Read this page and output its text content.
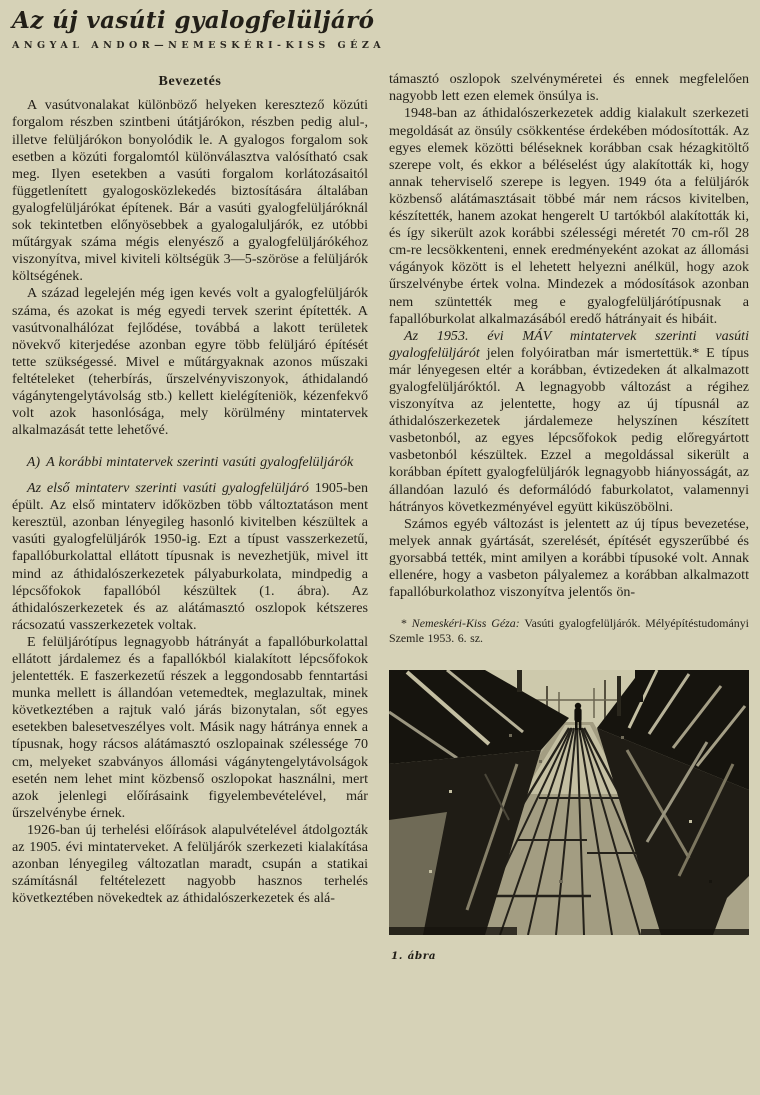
Az új vasúti gyalogfelüljáró
ANGYAL ANDOR—NEMESKÉRI-KISS GÉZA
Bevezetés

A vasútvonalakat különböző helyeken keresztező közúti forgalom részben szintbeni útátjárókon, részben pedig alul-, illetve felüljárókon bonyolódik le. A gyalogos forgalom sok esetben a közúti forgalomtól különválasztva valósítható csak meg. Ilyen esetekben a vasúti forgalom korlátozásaitól függetlenített gyalogosközlekedés biztosítására általában gyalogfelüljárókat építenek. Bár a vasúti gyalogfelüljáróknál sok tekintetben előnyösebbek a gyalogaluljárók, ez utóbbi műtárgyak száma mégis elenyésző a gyalogfelüljárókéhoz viszonyítva, mivel kiviteli költségük 3—5-szöröse a felüljárók költségének.

A század legelején még igen kevés volt a gyalogfelüljárók száma, és azokat is még egyedi tervek szerint építették. A vasútvonalhálózat fejlődése, továbbá a lakott területek növekvő kiterjedése azonban egyre több felüljáró építését tette szükségessé. Mivel e műtárgyaknak azonos műszaki feltételeket (teherbírás, űrszelvényviszonyok, áthidalandó vágánytengelytávolság stb.) kellett kielégíteniök, kézenfekvő volt azok hasonlósága, mely körülmény mintatervek alkalmazását tette lehetővé.

A) A korábbi mintatervek szerinti vasúti gyalogfelüljárók

Az első mintaterv szerinti vasúti gyalogfelüljáró 1905-ben épült. Az első mintaterv időközben több változtatáson ment keresztül, azonban lényegileg hasonló kivitelben készültek a vasúti gyalogfelüljárók 1950-ig. Ezt a típust vasszerkezetű, fapallóburkolattal ellátott típusnak is nevezhetjük, mivel itt mind az áthidalószerkezetek pályaburkolata, mindpedig a lépcsőfokok fapallóból készültek (1. ábra). Az áthidalószerkezetek és az alátámasztó oszlopok kétszeres rácsozatú vasszerkezetek voltak.

E felüljárótípus legnagyobb hátrányát a fapallóburkolattal ellátott járdalemez és a fapallókból kialakított lépcsőfokok jelentették. E faszerkezetű részek a leggondosabb fenntartási munka mellett is állandóan vetemedtek, meglazultak, minek következtében a rajtuk való járás bizonytalan, sőt egyes esetekben balesetveszélyes volt. Másik nagy hátránya ennek a típusnak, hogy rácsos alátámasztó oszlopainak szélessége 70 cm, melyeket szabványos állomási vágánytengelytávolságok esetén nem lehet mint közbenső oszlopokat használni, mert azok jelenlegi előírásaink figyelembevételével, már űrszelvénybe érnek.

1926-ban új terhelési előírások alapulvételével átdolgozták az 1905. évi mintaterveket. A felüljárók szerkezeti kialakítása azonban lényegileg változatlan maradt, csupán a statikai számításnál feltételezett nagyobb hasznos terhelés következtében növekedtek az áthidalószerkezetek és alá-

támasztó oszlopok szelvényméretei és ennek megfelelően nagyobb lett ezen elemek önsúlya is.

1948-ban az áthidalószerkezetek addig kialakult szerkezeti megoldását az önsúly csökkentése érdekében módosították. Az egyes elemek közötti béléseknek korábban csak hézagkitöltő szerepe volt, és ekkor a béléselést úgy alakították ki, hogy annak teherviselő szerepe is legyen. 1949 óta a felüljárók közbenső alátámasztásait többé már nem rácsos kivitelben, készítették, hanem azokat hengerelt U tartókból alakították ki, és így sikerült azok korábbi szélességi méretét 70 cm-ről 28 cm-re lecsökkenteni, ennek eredményeként azokat az állomási vágányok között is el lehetett helyezni anélkül, hogy azok űrszelvénybe értek volna. Mindezek a módosítások azonban nem szüntették meg e gyalogfelüljárótípusnak a fapallóburkolat alkalmazásából eredő hátrányait és hibáit.

Az 1953. évi MÁV mintatervek szerinti vasúti gyalogfelüljárót jelen folyóiratban már ismertettük.* E típus már lényegesen eltér a korábban, évtizedeken át alkalmazott gyalogfelüljáróktól. A legnagyobb változást a régihez viszonyítva az jelentette, hogy az új típusnál az áthidalószerkezetek járdalemeze helyszínen készített vasbetonból, az egyes lépcsőfokok pedig előregyártott vasbetonból készültek. Ezzel a megoldással sikerült a korábban épített gyalogfelüljárók legnagyobb hiányosságát, az állandóan lazuló és deformálódó faburkolatot, valamennyi hátrányos következményével együtt kiküszöbölni.

Számos egyéb változást is jelentett az új típus bevezetése, melyek annak gyártását, szerelését, építését egyszerűbbé és gyorsabbá tették, mint amilyen a korábbi típusoké volt. Annak ellenére, hogy a vasbeton pályalemez a korábban alkalmazott fapallóburkolathoz viszonyítva jelentős ön-

* Nemeskéri-Kiss Géza: Vasúti gyalogfelüljárók. Mélyépítéstudományi Szemle 1953. 6. sz.
1. ábra
